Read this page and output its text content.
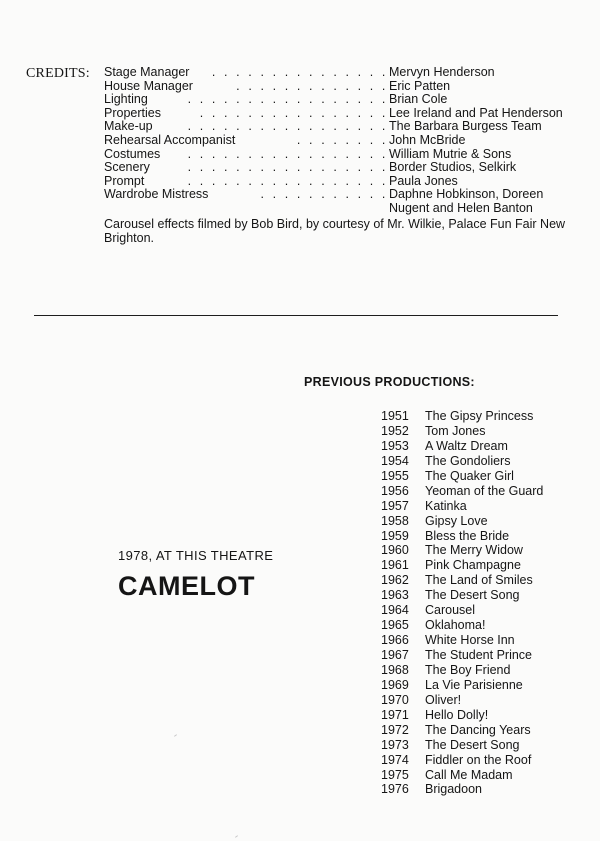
CREDITS: Stage Manager . . . . . . . . . . . . . . . Mervyn Henderson
House Manager	. . . . . . . . . . . . . Eric Patten
Lighting	. . . . . . . . . . . . . . . . . Brian Cole
Properties	. . . . . . . . . . . . . . . . Lee Ireland and Pat Henderson
Make-up	. . . . . . . . . . . . . . . . . The Barbara Burgess Team
Rehearsal Accompanist	. . . . . . . . John McBride
Costumes . . . . . . . . . . . . . . . . . William Mutrie & Sons
Scenery	. . . . . . . . . . . . . . . . . Border Studios, Selkirk
Prompt	. . . . . . . . . . . . . . . . . Paula Jones
Wardrobe Mistress	. . . . . . . . . . . Daphne Hobkinson, Doreen
Nugent and Helen Banton
Carousel effects filmed by Bob Bird, by courtesy of Mr. Wilkie, Palace Fun Fair New Brighton.
PREVIOUS PRODUCTIONS:
1951 The Gipsy Princess
1952 Tom Jones
1953 A Waltz Dream
1954 The Gondoliers
1955 The Quaker Girl
1956 Yeoman of the Guard
1957 Katinka
1958 Gipsy Love
1959 Bless the Bride
1960 The Merry Widow
1961 Pink Champagne
1962 The Land of Smiles
1963 The Desert Song
1964 Carousel
1965 Oklahoma!
1966 White Horse Inn
1967 The Student Prince
1968 The Boy Friend
1969 La Vie Parisienne
1970 Oliver!
1971 Hello Dolly!
1972 The Dancing Years
1973 The Desert Song
1974 Fiddler on the Roof
1975 Call Me Madam
1976 Brigadoon
1978, AT THIS THEATRE
CAMELOT
